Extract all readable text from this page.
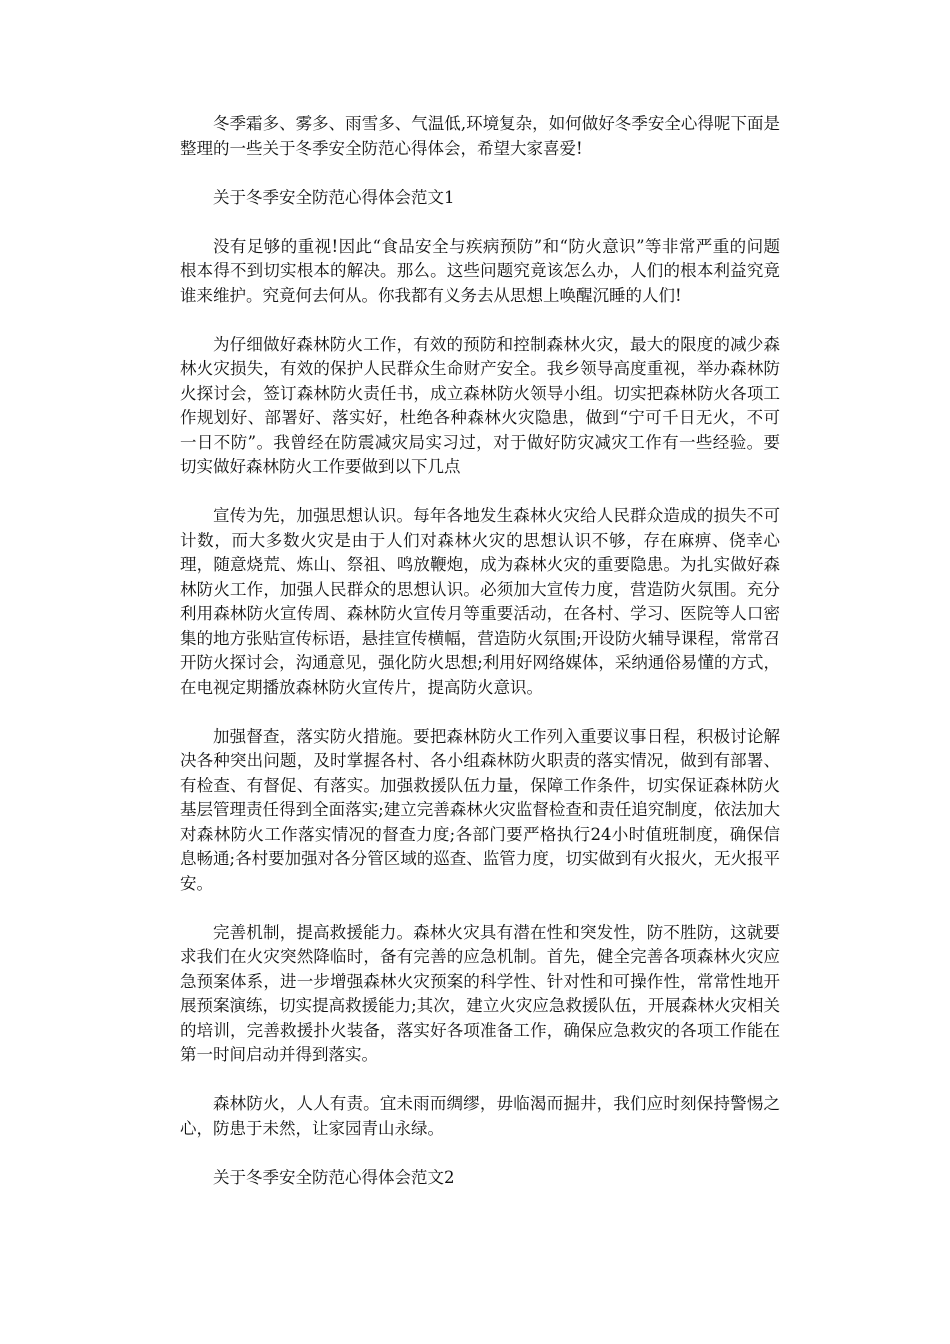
冬季霜多、雾多、雨雪多、气温低,环境复杂，如何做好冬季安全心得呢下面是整理的一些关于冬季安全防范心得体会，希望大家喜爱!

关于冬季安全防范心得体会范文1

没有足够的重视!因此“食品安全与疾病预防”和“防火意识”等非常严重的问题根本得不到切实根本的解决。那么。这些问题究竟该怎么办，人们的根本利益究竟谁来维护。究竟何去何从。你我都有义务去从思想上唤醒沉睡的人们!

为仔细做好森林防火工作，有效的预防和控制森林火灾，最大的限度的减少森林火灾损失，有效的保护人民群众生命财产安全。我乡领导高度重视，举办森林防火探讨会，签订森林防火责任书，成立森林防火领导小组。切实把森林防火各项工作规划好、部署好、落实好，杜绝各种森林火灾隐患，做到“宁可千日无火，不可一日不防”。我曾经在防震减灾局实习过，对于做好防灾减灾工作有一些经验。要切实做好森林防火工作要做到以下几点

宣传为先，加强思想认识。每年各地发生森林火灾给人民群众造成的损失不可计数，而大多数火灾是由于人们对森林火灾的思想认识不够，存在麻痹、侥幸心理，随意烧荒、炼山、祭祖、鸣放鞭炮，成为森林火灾的重要隐患。为扎实做好森林防火工作，加强人民群众的思想认识。必须加大宣传力度，营造防火氛围。充分利用森林防火宣传周、森林防火宣传月等重要活动，在各村、学习、医院等人口密集的地方张贴宣传标语，悬挂宣传横幅，营造防火氛围;开设防火辅导课程，常常召开防火探讨会，沟通意见，强化防火思想;利用好网络媒体，采纳通俗易懂的方式，在电视定期播放森林防火宣传片，提高防火意识。

加强督查，落实防火措施。要把森林防火工作列入重要议事日程，积极讨论解决各种突出问题，及时掌握各村、各小组森林防火职责的落实情况，做到有部署、有检查、有督促、有落实。加强救援队伍力量，保障工作条件，切实保证森林防火基层管理责任得到全面落实;建立完善森林火灾监督检查和责任追究制度，依法加大对森林防火工作落实情况的督查力度;各部门要严格执行24小时值班制度，确保信息畅通;各村要加强对各分管区域的巡查、监管力度，切实做到有火报火，无火报平安。

完善机制，提高救援能力。森林火灾具有潜在性和突发性，防不胜防，这就要求我们在火灾突然降临时，备有完善的应急机制。首先，健全完善各项森林火灾应急预案体系，进一步增强森林火灾预案的科学性、针对性和可操作性，常常性地开展预案演练，切实提高救援能力;其次，建立火灾应急救援队伍，开展森林火灾相关的培训，完善救援扑火装备，落实好各项准备工作，确保应急救灾的各项工作能在第一时间启动并得到落实。

森林防火，人人有责。宜未雨而绸缪，毋临渴而掘井，我们应时刻保持警惕之心，防患于未然，让家园青山永绿。

关于冬季安全防范心得体会范文2
